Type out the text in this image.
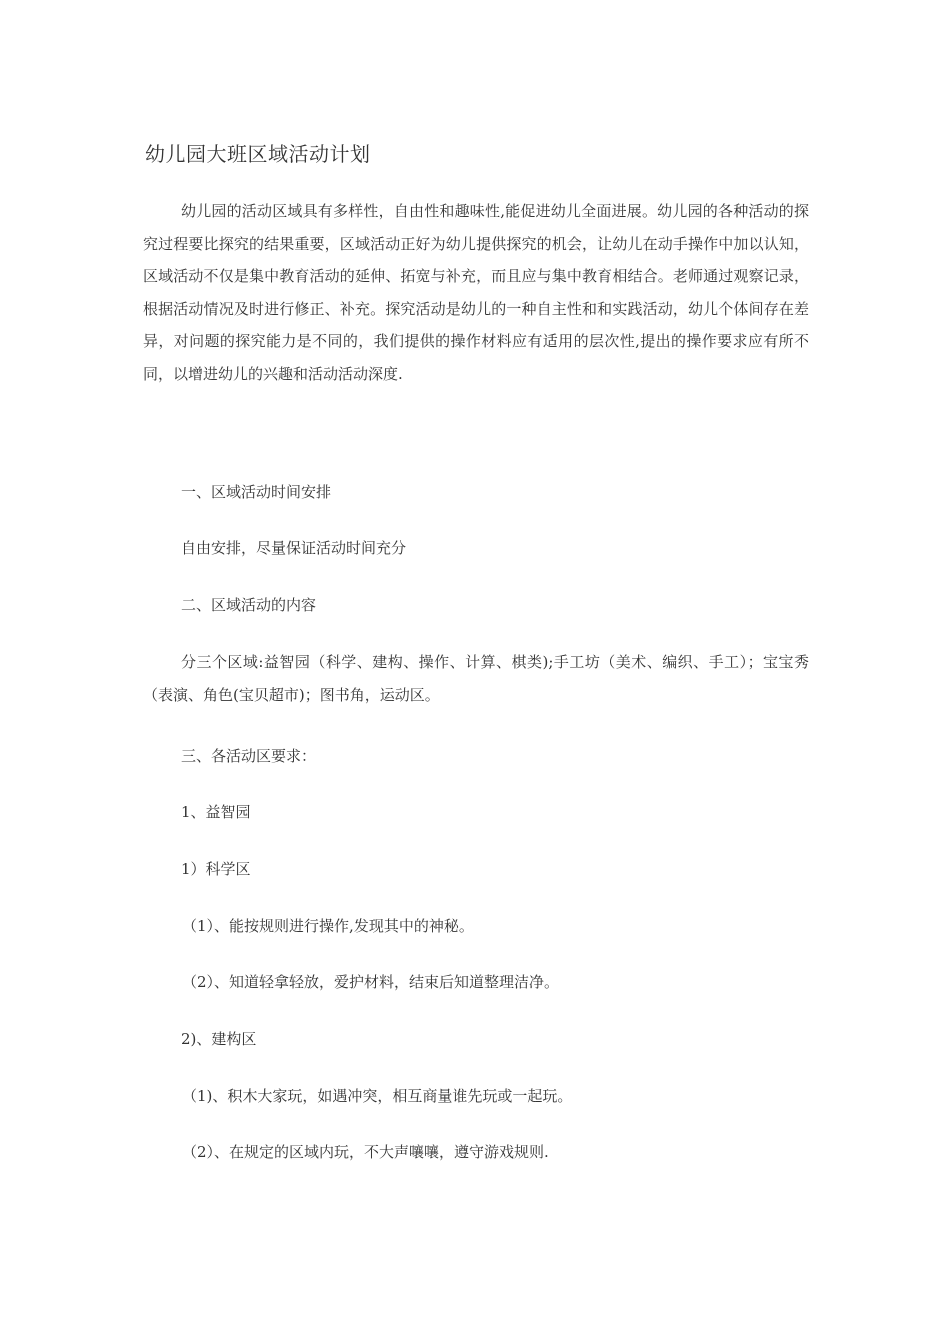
幼儿园大班区域活动计划

幼儿园的活动区域具有多样性，自由性和趣味性,能促进幼儿全面进展。幼儿园的各种活动的探究过程要比探究的结果重要，区域活动正好为幼儿提供探究的机会，让幼儿在动手操作中加以认知，区域活动不仅是集中教育活动的延伸、拓宽与补充，而且应与集中教育相结合。老师通过观察记录，根据活动情况及时进行修正、补充。探究活动是幼儿的一种自主性和和实践活动，幼儿个体间存在差异，对问题的探究能力是不同的，我们提供的操作材料应有适用的层次性,提出的操作要求应有所不同，以增进幼儿的兴趣和活动活动深度.

一、区域活动时间安排

自由安排，尽量保证活动时间充分

二、区域活动的内容

分三个区域:益智园（科学、建构、操作、计算、棋类);手工坊（美术、编织、手工）；宝宝秀（表演、角色(宝贝超市)；图书角，运动区。

三、各活动区要求：

1、益智园

1）科学区

（1）、能按规则进行操作,发现其中的神秘。

（2）、知道轻拿轻放，爱护材料，结束后知道整理洁净。

2)、建构区

（1)、积木大家玩，如遇冲突，相互商量谁先玩或一起玩。

（2）、在规定的区域内玩，不大声嚷嚷，遵守游戏规则.
